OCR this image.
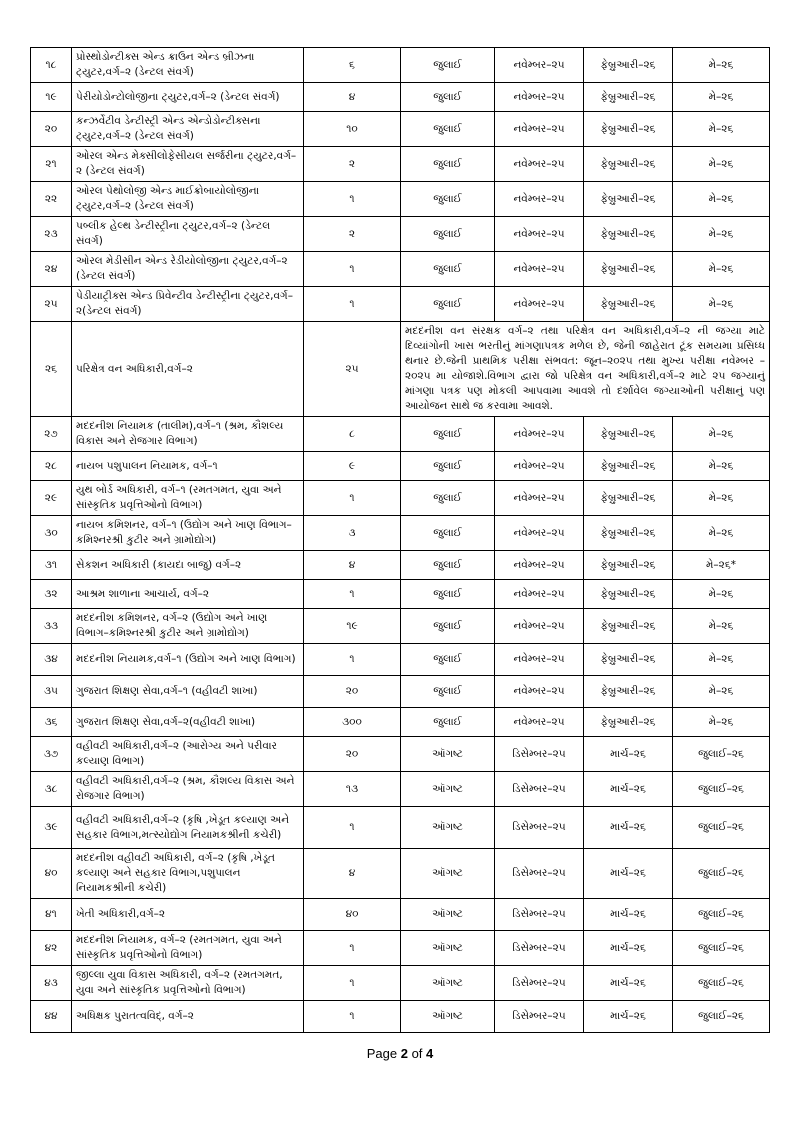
૧૮	પ્રોસ્થોડોન્ટીક્સ એન્ડ ક્રાઉન એન્ડ બ્રીઝના ટ્યુટર,વર્ગ–૨ (ડેન્ટલ સંવર્ગ)	૬	જુલાઈ	નવેમ્બર–૨૫	ફેબ્રુઆરી–૨૬	મે–૨૬
૧૯	પેરીયોડોન્ટોલોજીના ટ્યુટર,વર્ગ–૨ (ડેન્ટલ સંવર્ગ)	૪	જુલાઈ	નવેમ્બર–૨૫	ફેબ્રુઆરી–૨૬	મે–૨૬
૨૦	કન્ઝર્વેટીવ ડેન્ટીસ્ટ્રી એન્ડ એન્ડોડોન્ટીક્સના ટ્યુટર,વર્ગ–૨ (ડેન્ટલ સંવર્ગ)	૧૦	જુલાઈ	નવેમ્બર–૨૫	ફેબ્રુઆરી–૨૬	મે–૨૬
૨૧	ઓરલ એન્ડ મેક્સીલોફેસીયલ સર્જરીના ટ્યુટર,વર્ગ–૨ (ડેન્ટલ સંવર્ગ)	૨	જુલાઈ	નવેમ્બર–૨૫	ફેબ્રુઆરી–૨૬	મે–૨૬
૨૨	ઓરલ પેથોલોજી એન્ડ માઈક્રોબાયોલોજીના ટ્યુટર,વર્ગ–૨ (ડેન્ટલ સંવર્ગ)	૧	જુલાઈ	નવેમ્બર–૨૫	ફેબ્રુઆરી–૨૬	મે–૨૬
૨૩	પબ્લીક હેલ્થ ડેન્ટીસ્ટ્રીના ટ્યુટર,વર્ગ–૨ (ડેન્ટલ સંવર્ગ)	૨	જુલાઈ	નવેમ્બર–૨૫	ફેબ્રુઆરી–૨૬	મે–૨૬
૨૪	ઓરલ મેડીસીન એન્ડ રેડીયોલોજીના ટ્યુટર,વર્ગ–૨ (ડેન્ટલ સંવર્ગ)	૧	જુલાઈ	નવેમ્બર–૨૫	ફેબ્રુઆરી–૨૬	મે–૨૬
૨૫	પેડીયાટ્રીક્સ એન્ડ પ્રિવેન્ટીવ ડેન્ટીસ્ટ્રીના ટ્યુટર,વર્ગ–૨(ડેન્ટલ સંવર્ગ)	૧	જુલાઈ	નવેમ્બર–૨૫	ફેબ્રુઆરી–૨૬	મે–૨૬
૨૬	પરિક્ષેત્ર વન અધિકારી,વર્ગ–૨	૨૫	મદદનીશ વન સંરક્ષક વર્ગ–૨ તથા પરિક્ષેત્ર વન અધિકારી,વર્ગ–૨ ની જગ્યા માટે દિવ્યાંગોની ખાસ ભરતીનું માંગણાપત્રક મળેલ છે, જેની જાહેરાત ટૂંક સમયમા પ્રસિધ્ધ થનાર છે.જેની પ્રાથમિક પરીક્ષા સંભવત: જૂન–૨૦૨૫ તથા મુખ્ય પરીક્ષા નવેમ્બર –૨૦૨૫ મા યોજાશે.વિભાગ દ્વારા જો પરિક્ષેત્ર વન અધિકારી,વર્ગ–૨ માટે ૨૫ જગ્યાનું માંગણા પત્રક પણ મોકલી આપવામા આવશે તો દર્શાવેલ જગ્યાઓની પરીક્ષાનું પણ આયોજન સાથે જ કરવામા આવશે.			
૨૭	મદદનીશ નિયામક (તાલીમ),વર્ગ–૧ (શ્રમ, કૌશલ્ય વિકાસ અને રોજગાર વિભાગ)	૮	જુલાઈ	નવેમ્બર–૨૫	ફેબ્રુઆરી–૨૬	મે–૨૬
૨૮	નાયબ પશુપાલન નિયામક, વર્ગ–૧	૯	જુલાઈ	નવેમ્બર–૨૫	ફેબ્રુઆરી–૨૬	મે–૨૬
૨૯	યુથ બોર્ડ અધિકારી, વર્ગ–૧ (રમતગમત, યુવા અને સાંસ્કૃતિક પ્રવૃત્તિઓનો વિભાગ)	૧	જુલાઈ	નવેમ્બર–૨૫	ફેબ્રુઆરી–૨૬	મે–૨૬
૩૦	નાયબ કમિશનર, વર્ગ–૧ (ઉદ્યોગ અને ખાણ વિભાગ–કમિશ્નરશ્રી કુટીર અને ગ્રામોદ્યોગ)	૩	જુલાઈ	નવેમ્બર–૨૫	ફેબ્રુઆરી–૨૬	મે–૨૬
૩૧	સેકશન અધિકારી (કાયદા બાજુ) વર્ગ–૨	૪	જુલાઈ	નવેમ્બર–૨૫	ફેબ્રુઆરી–૨૬	મે–૨૬*
૩૨	આશ્રમ શાળાના આચાર્ય, વર્ગ–૨	૧	જુલાઈ	નવેમ્બર–૨૫	ફેબ્રુઆરી–૨૬	મે–૨૬
૩૩	મદદનીશ કમિશનર, વર્ગ–૨ (ઉદ્યોગ અને ખાણ વિભાગ–કમિશ્નરશ્રી કુટીર અને ગ્રામોદ્યોગ)	૧૯	જુલાઈ	નવેમ્બર–૨૫	ફેબ્રુઆરી–૨૬	મે–૨૬
૩૪	મદદનીશ નિયામક,વર્ગ–૧ (ઉદ્યોગ અને ખાણ વિભાગ)	૧	જુલાઈ	નવેમ્બર–૨૫	ફેબ્રુઆરી–૨૬	મે–૨૬
૩૫	ગુજરાત શિક્ષણ સેવા,વર્ગ–૧ (વહીવટી શાખા)	૨૦	જુલાઈ	નવેમ્બર–૨૫	ફેબ્રુઆરી–૨૬	મે–૨૬
૩૬	ગુજરાત શિક્ષણ સેવા,વર્ગ–૨(વહીવટી શાખા)	૩૦૦	જુલાઈ	નવેમ્બર–૨૫	ફેબ્રુઆરી–૨૬	મે–૨૬
૩૭	વહીવટી અધિકારી,વર્ગ–૨ (આરોગ્ય અને પરીવાર કલ્યાણ વિભાગ)	૨૦	ઑગષ્ટ	ડિસેમ્બર–૨૫	માર્ચ–૨૬	જુલાઈ–૨૬
૩૮	વહીવટી અધિકારી,વર્ગ–૨ (શ્રમ, કૌશલ્ય વિકાસ અને રોજગાર વિભાગ)	૧૩	ઑગષ્ટ	ડિસેમ્બર–૨૫	માર્ચ–૨૬	જુલાઈ–૨૬
૩૯	વહીવટી અધિકારી,વર્ગ–૨ (કૃષિ ,ખેડૂત કલ્યાણ અને સહકાર વિભાગ,મત્સ્યોદ્યોગ નિયામકશ્રીની કચેરી)	૧	ઑગષ્ટ	ડિસેમ્બર–૨૫	માર્ચ–૨૬	જુલાઈ–૨૬
૪૦	મદદનીશ વહીવટી અધિકારી, વર્ગ–૨ (કૃષિ ,ખેડૂત કલ્યાણ અને સહકાર વિભાગ,પશુપાલન નિયામકશ્રીની કચેરી)	૪	ઑગષ્ટ	ડિસેમ્બર–૨૫	માર્ચ–૨૬	જુલાઈ–૨૬
૪૧	ખેતી અધિકારી,વર્ગ–૨	૪૦	ઑગષ્ટ	ડિસેમ્બર–૨૫	માર્ચ–૨૬	જુલાઈ–૨૬
૪૨	મદદનીશ નિયામક, વર્ગ–૨ (રમતગમત, યુવા અને સાંસ્કૃતિક પ્રવૃત્તિઓનો વિભાગ)	૧	ઑગષ્ટ	ડિસેમ્બર–૨૫	માર્ચ–૨૬	જુલાઈ–૨૬
૪૩	જીલ્લા યુવા વિકાસ અધિકારી, વર્ગ–૨ (રમતગમત, યુવા અને સાંસ્કૃતિક પ્રવૃત્તિઓનો વિભાગ)	૧	ઑગષ્ટ	ડિસેમ્બર–૨૫	માર્ચ–૨૬	જુલાઈ–૨૬
૪૪	અધિક્ષક પુરાતત્વવિદ્, વર્ગ–૨	૧	ઑગષ્ટ	ડિસેમ્બર–૨૫	માર્ચ–૨૬	જુલાઈ–૨૬
Page 2 of 4
